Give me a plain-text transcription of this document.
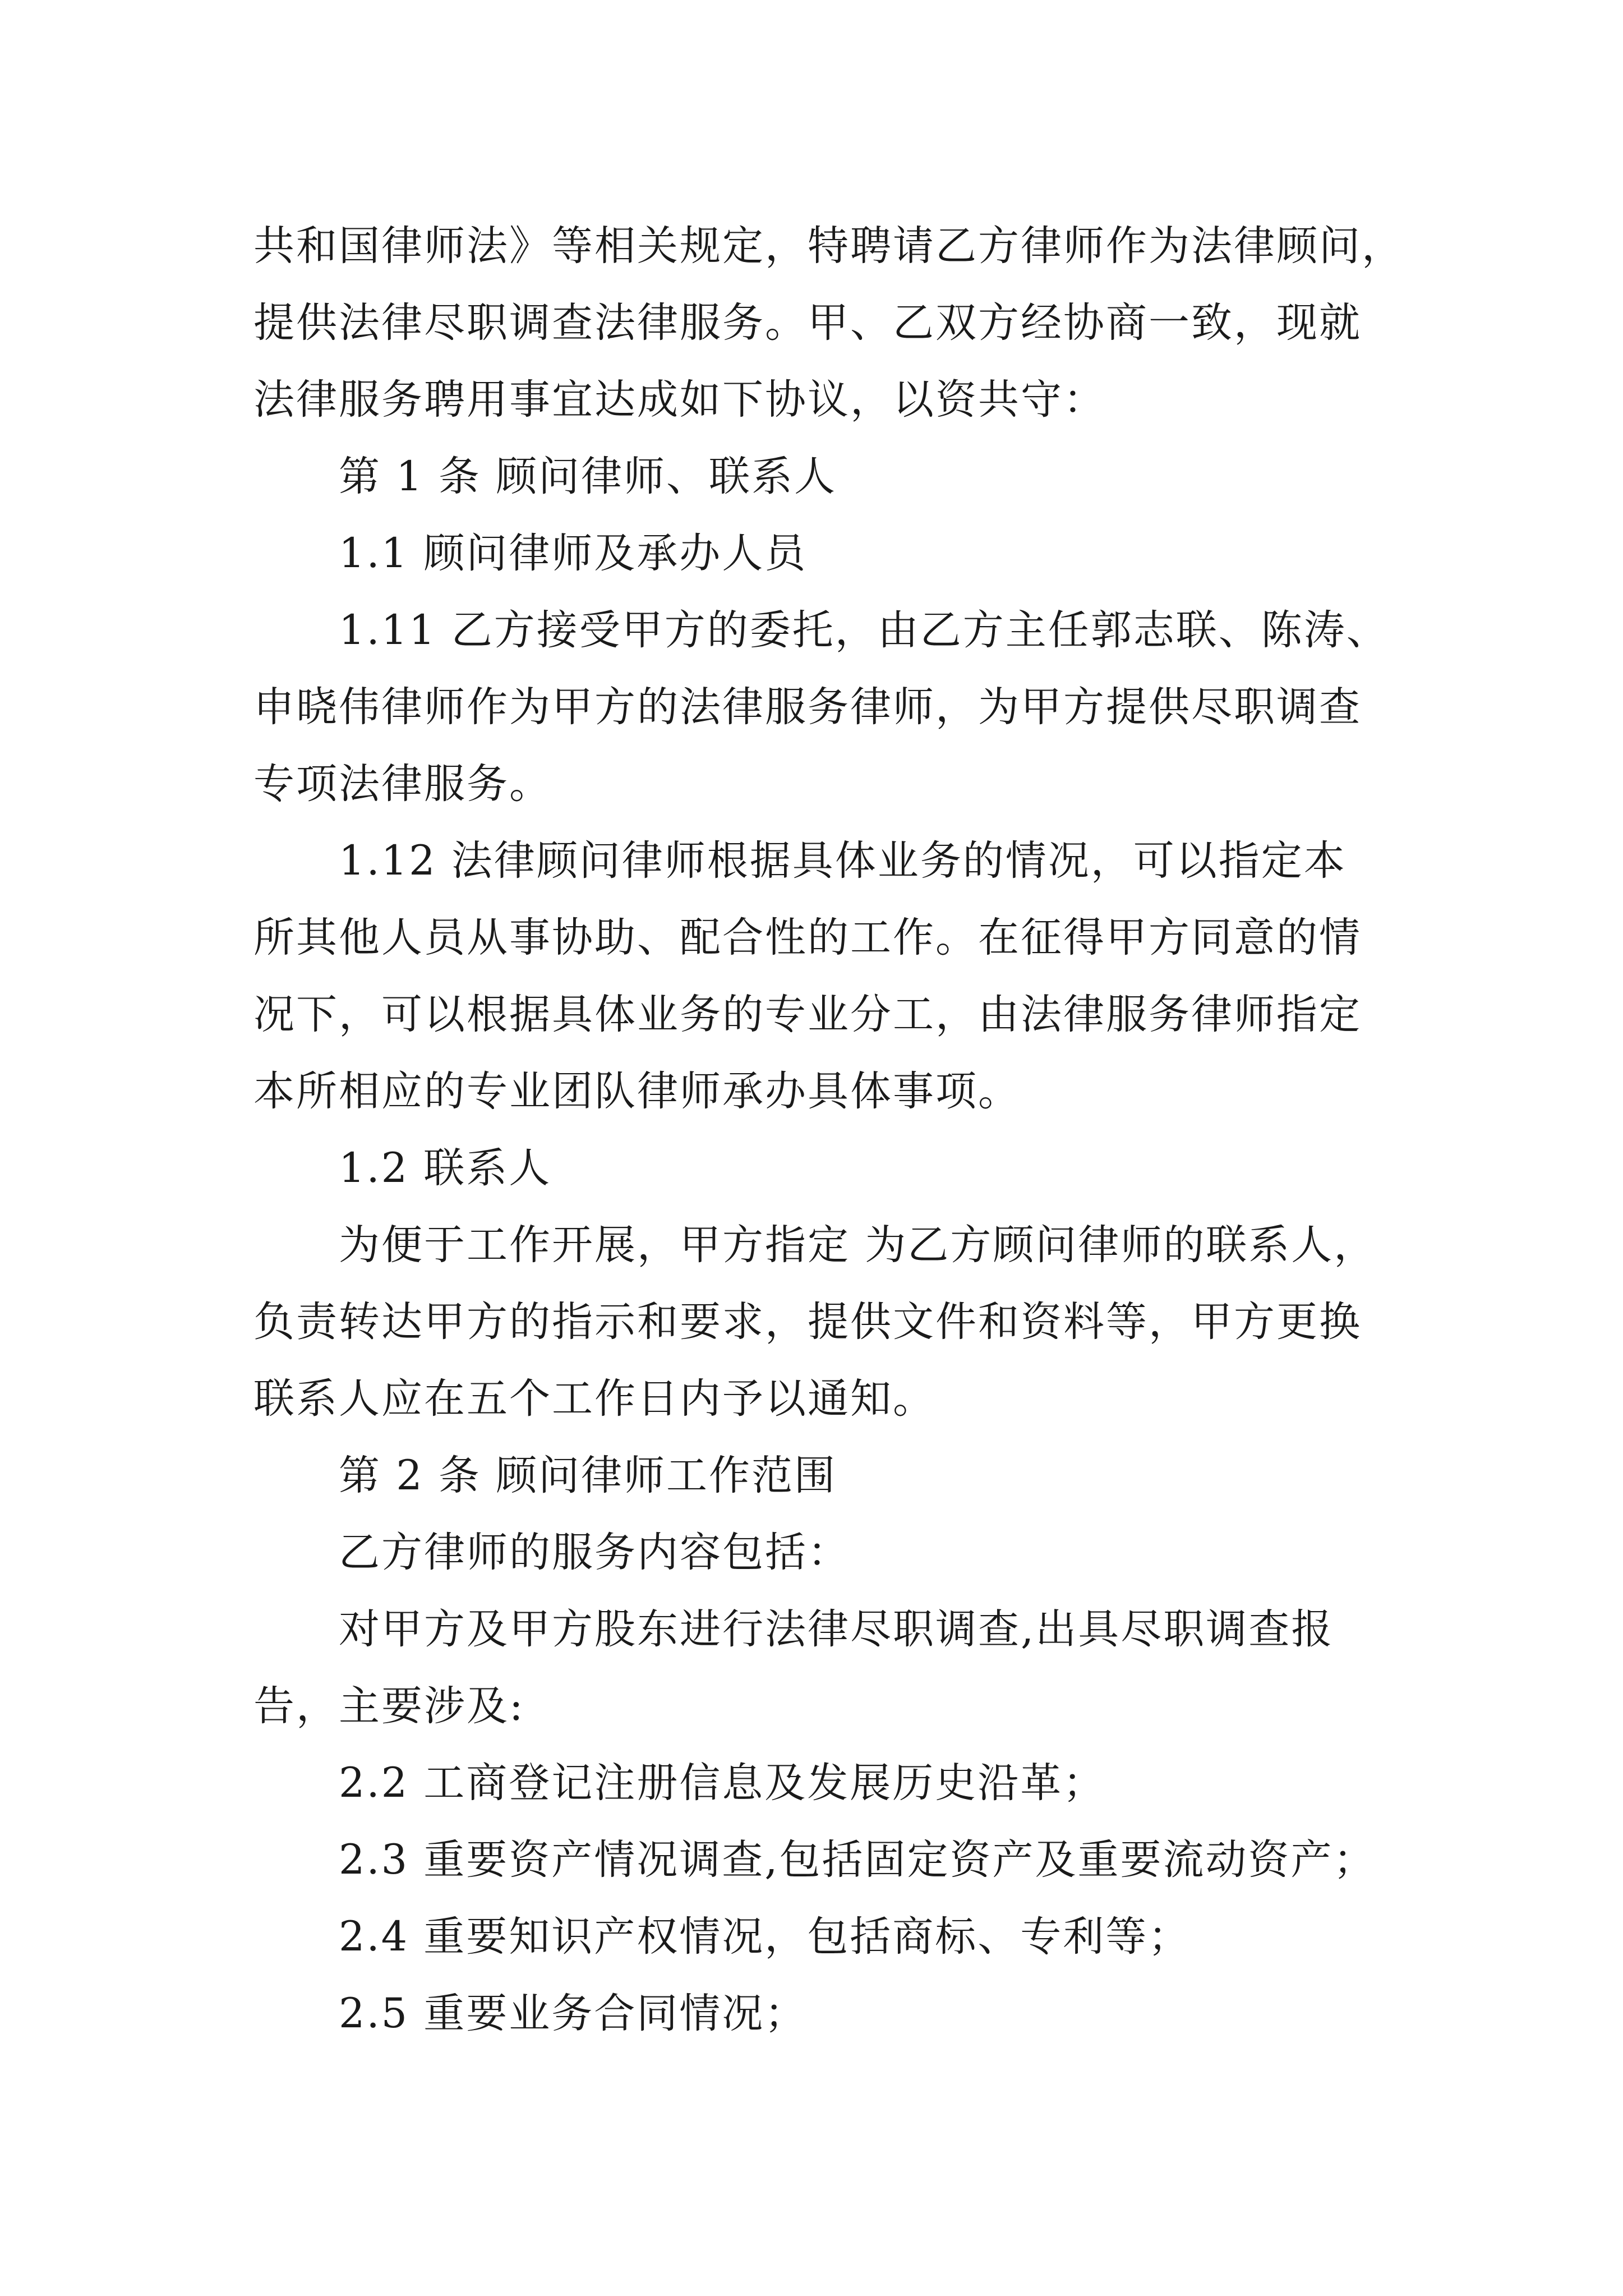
共和国律师法》等相关规定，特聘请乙方律师作为法律顾问，
提供法律尽职调查法律服务。甲、乙双方经协商一致，现就
法律服务聘用事宜达成如下协议，以资共守：
第 1 条 顾问律师、联系人
1.1 顾问律师及承办人员
1.11 乙方接受甲方的委托，由乙方主任郭志联、陈涛、
申晓伟律师作为甲方的法律服务律师，为甲方提供尽职调查
专项法律服务。
1.12 法律顾问律师根据具体业务的情况，可以指定本
所其他人员从事协助、配合性的工作。在征得甲方同意的情
况下，可以根据具体业务的专业分工，由法律服务律师指定
本所相应的专业团队律师承办具体事项。
1.2 联系人
为便于工作开展，甲方指定 为乙方顾问律师的联系人，
负责转达甲方的指示和要求，提供文件和资料等，甲方更换
联系人应在五个工作日内予以通知。
第 2 条 顾问律师工作范围
乙方律师的服务内容包括：
对甲方及甲方股东进行法律尽职调查,出具尽职调查报
告，主要涉及:
2.2 工商登记注册信息及发展历史沿革；
2.3 重要资产情况调查,包括固定资产及重要流动资产；
2.4 重要知识产权情况，包括商标、专利等；
2.5 重要业务合同情况；
